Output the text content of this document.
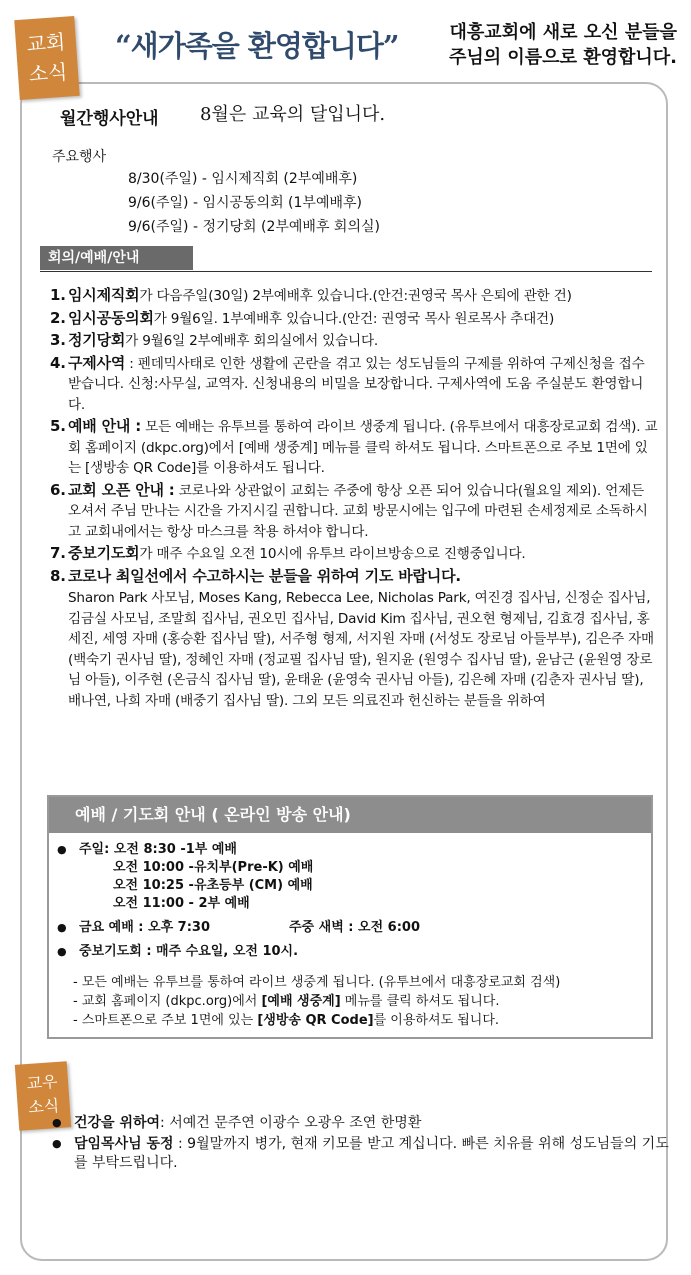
교회
소식
“새가족을 환영합니다”	대흥교회에 새로 오신 분들을
주님의 이름으로 환영합니다.
월간행사안내 8월은 교육의 달입니다.
주요행사
8/30(주일) - 임시제직회 (2부예배후)
9/6(주일) - 임시공동의회 (1부예배후)
9/6(주일) - 정기당회 (2부예배후 회의실)
회의/예배/안내
1. 임시제직회가 다음주일(30일) 2부예배후 있습니다.(안건:권영국 목사 은퇴에 관한 건)
2. 임시공동의회가 9월6일. 1부예배후 있습니다.(안건: 권영국 목사 원로목사 추대건)
3. 정기당회가 9월6일 2부예배후 회의실에서 있습니다.
4. 구제사역 : 펜데믹사태로 인한 생활에 곤란을 겪고 있는 성도님들의 구제를 위하여 구제신청을 접수 받습니다. 신청:사무실, 교역자. 신청내용의 비밀을 보장합니다. 구제사역에 도움 주실분도 환영합니다.
5. 예배 안내 : 모든 예배는 유투브를 통하여 라이브 생중계 됩니다. (유투브에서 대흥장로교회 검색). 교회 홈페이지 (dkpc.org)에서 [예배 생중계] 메뉴를 클릭 하셔도 됩니다. 스마트폰으로 주보 1면에 있는 [생방송 QR Code]를 이용하셔도 됩니다.
6. 교회 오픈 안내 : 코로나와 상관없이 교회는 주중에 항상 오픈 되어 있습니다(월요일 제외). 언제든 오셔서 주님 만나는 시간을 가지시길 권합니다. 교회 방문시에는 입구에 마련된 손세정제로 소독하시고 교회내에서는 항상 마스크를 착용 하셔야 합니다.
7. 중보기도회가 매주 수요일 오전 10시에 유투브 라이브방송으로 진행중입니다.
8. 코로나 최일선에서 수고하시는 분들을 위하여 기도 바랍니다.
Sharon Park 사모님, Moses Kang, Rebecca Lee, Nicholas Park, 여진경 집사님, 신정순 집사님, 김금실 사모님, 조말희 집사님, 권오민 집사님, David Kim 집사님, 권오현 형제님, 김효경 집사님, 홍세진, 세영 자매 (홍승환 집사님 딸), 서주형 형제, 서지원 자매 (서성도 장로님 아들부부), 김은주 자매 (백숙기 권사님 딸), 정혜인 자매 (정교필 집사님 딸), 원지윤 (원영수 집사님 딸), 윤남근 (윤원영 장로님 아들), 이주현 (온금식 집사님 딸), 윤태윤 (윤영숙 권사님 아들), 김은혜 자매 (김춘자 권사님 딸), 배나연, 나희 자매 (배중기 집사님 딸). 그외 모든 의료진과 헌신하는 분들을 위하여
예배 / 기도회 안내 ( 온라인 방송 안내)
● 주일: 오전 8:30 -1부 예배
오전 10:00 -유치부(Pre-K) 예배
오전 10:25 -유초등부 (CM) 예배
오전 11:00 - 2부 예배
● 금요 예배 : 오후 7:30	주중 새벽 : 오전 6:00
● 중보기도회 : 매주 수요일, 오전 10시.
- 모든 예배는 유투브를 통하여 라이브 생중계 됩니다. (유투브에서 대흥장로교회 검색)
- 교회 홈페이지 (dkpc.org)에서 [예배 생중계] 메뉴를 클릭 하셔도 됩니다.
- 스마트폰으로 주보 1면에 있는 [생방송 QR Code]를 이용하셔도 됩니다.
교우
소식
● 건강을 위하여: 서예건 문주연 이광수 오광우 조연 한명환
● 담임목사님 동정 : 9월말까지 병가, 현재 키모를 받고 계십니다. 빠른 치유를 위해 성도님들의 기도를 부탁드립니다.
